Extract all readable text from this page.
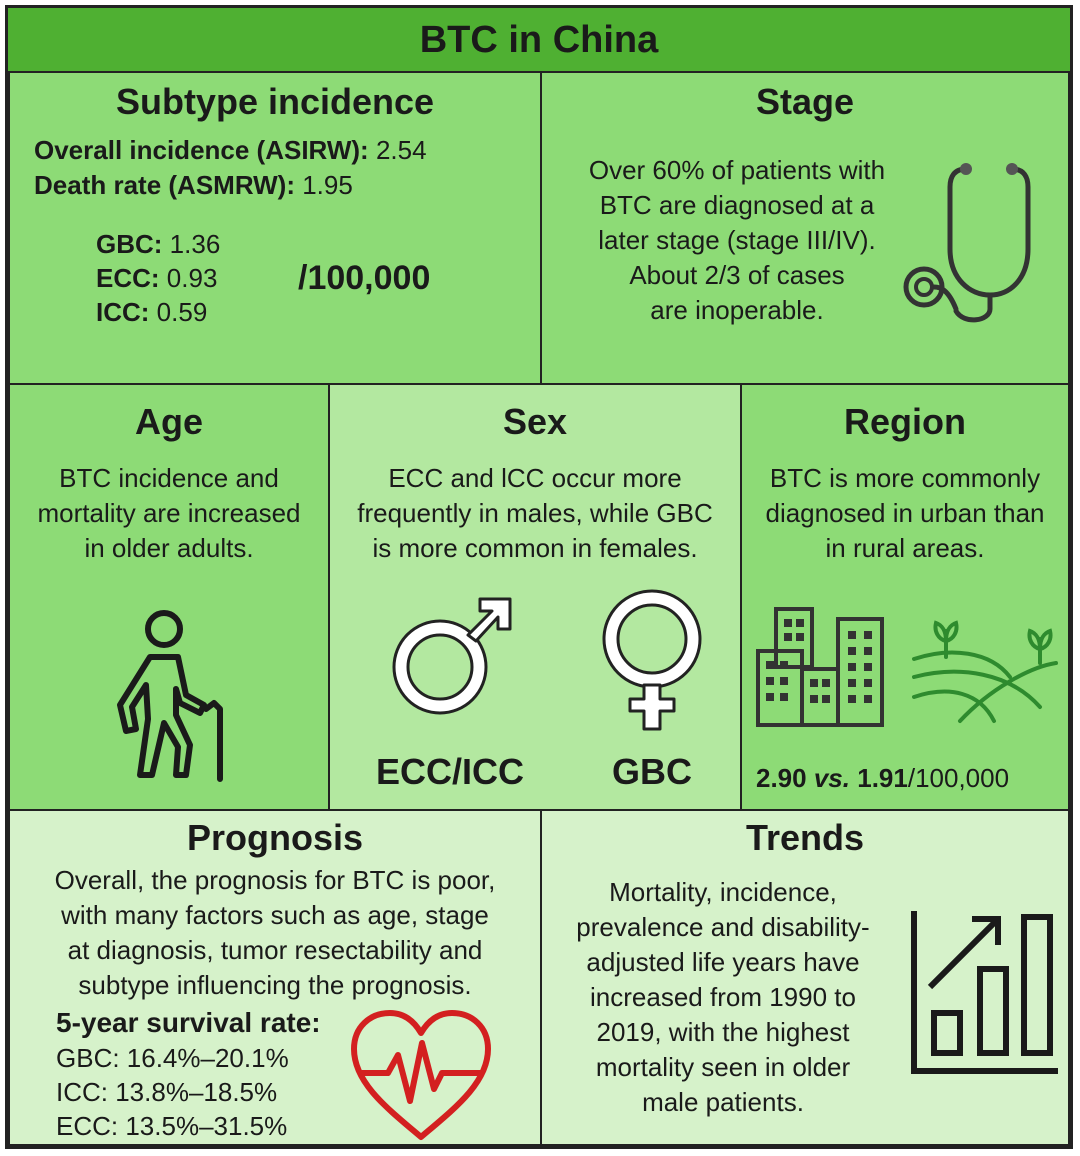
BTC in China
Subtype incidence
Overall incidence (ASIRW): 2.54
Death rate (ASMRW): 1.95
GBC: 1.36
ECC: 0.93
ICC: 0.59
/100,000
Stage
Over 60% of patients with
BTC are diagnosed at a
later stage (stage III/IV).
About 2/3 of cases
are inoperable.
Age
BTC incidence and
mortality are increased
in older adults.
Sex
ECC and lCC occur more
frequently in males, while GBC
is more common in females.
ECC/ICC GBC
Region
BTC is more commonly
diagnosed in urban than
in rural areas.
2.90 vs. 1.91/100,000
Prognosis
Overall, the prognosis for BTC is poor,
with many factors such as age, stage
at diagnosis, tumor resectability and
subtype influencing the prognosis.
5-year survival rate:
GBC: 16.4%–20.1%
ICC: 13.8%–18.5%
ECC: 13.5%–31.5%
Trends
Mortality, incidence,
prevalence and disability-
adjusted life years have
increased from 1990 to
2019, with the highest
mortality seen in older
male patients.
